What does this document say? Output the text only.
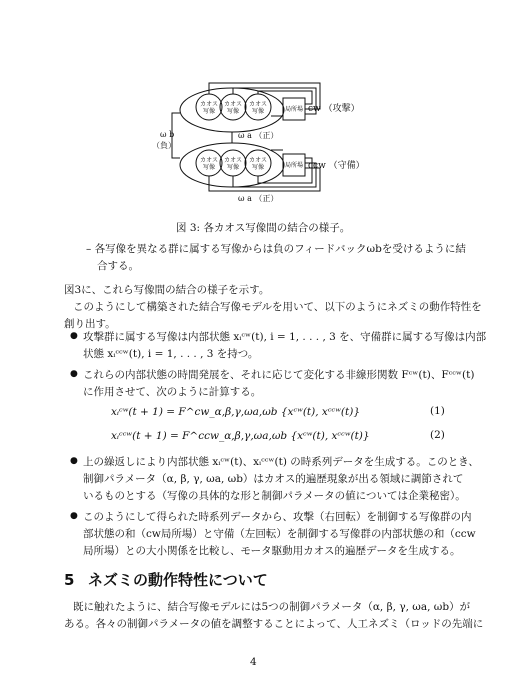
カオス
写像
カオス
写像
カオス
写像	局所場
カオス
写像
カオス
写像
カオス
写像	局所場
cw （攻撃）
ccw （守備）
ω a （正）
ω a （正）
ω b
（負）
図 3: 各カオス写像間の結合の様子。
– 各写像を異なる群に属する写像からは負のフィードバックωbを受けるように結
合する。
図3に、これら写像間の結合の様子を示す。
このようにして構築された結合写像モデルを用いて、以下のようにネズミの動作特性を
創り出す。
● 攻撃群に属する写像は内部状態 xᵢᶜʷ(t), i = 1, . . . , 3 を、守備群に属する写像は内部
状態 xᵢᶜᶜʷ(t), i = 1, . . . , 3 を持つ。
● これらの内部状態の時間発展を、それに応じて変化する非線形関数 Fᶜʷ(t)、Fᶜᶜʷ(t)
に作用させて、次のように計算する。
xᵢᶜʷ(t + 1) = F^cw_α,β,γ,ωa,ωb {xᶜʷ(t), xᶜᶜʷ(t)}	(1)
xᵢᶜᶜʷ(t + 1) = F^ccw_α,β,γ,ωa,ωb {xᶜʷ(t), xᶜᶜʷ(t)}	(2)
● 上の繰返しにより内部状態 xᵢᶜʷ(t)、xᵢᶜᶜʷ(t) の時系列データを生成する。このとき、
制御パラメータ（α, β, γ, ωa, ωb）はカオス的遍歴現象が出る領域に調節されて
いるものとする（写像の具体的な形と制御パラメータの値については企業秘密）。
● このようにして得られた時系列データから、攻撃（右回転）を制御する写像群の内
部状態の和（cw局所場）と守備（左回転）を制御する写像群の内部状態の和（ccw
局所場）との大小関係を比較し、モータ駆動用カオス的遍歴データを生成する。
5 ネズミの動作特性について
既に触れたように、結合写像モデルには5つの制御パラメータ（α, β, γ, ωa, ωb）が
ある。各々の制御パラメータの値を調整することによって、人工ネズミ（ロッドの先端に
4
